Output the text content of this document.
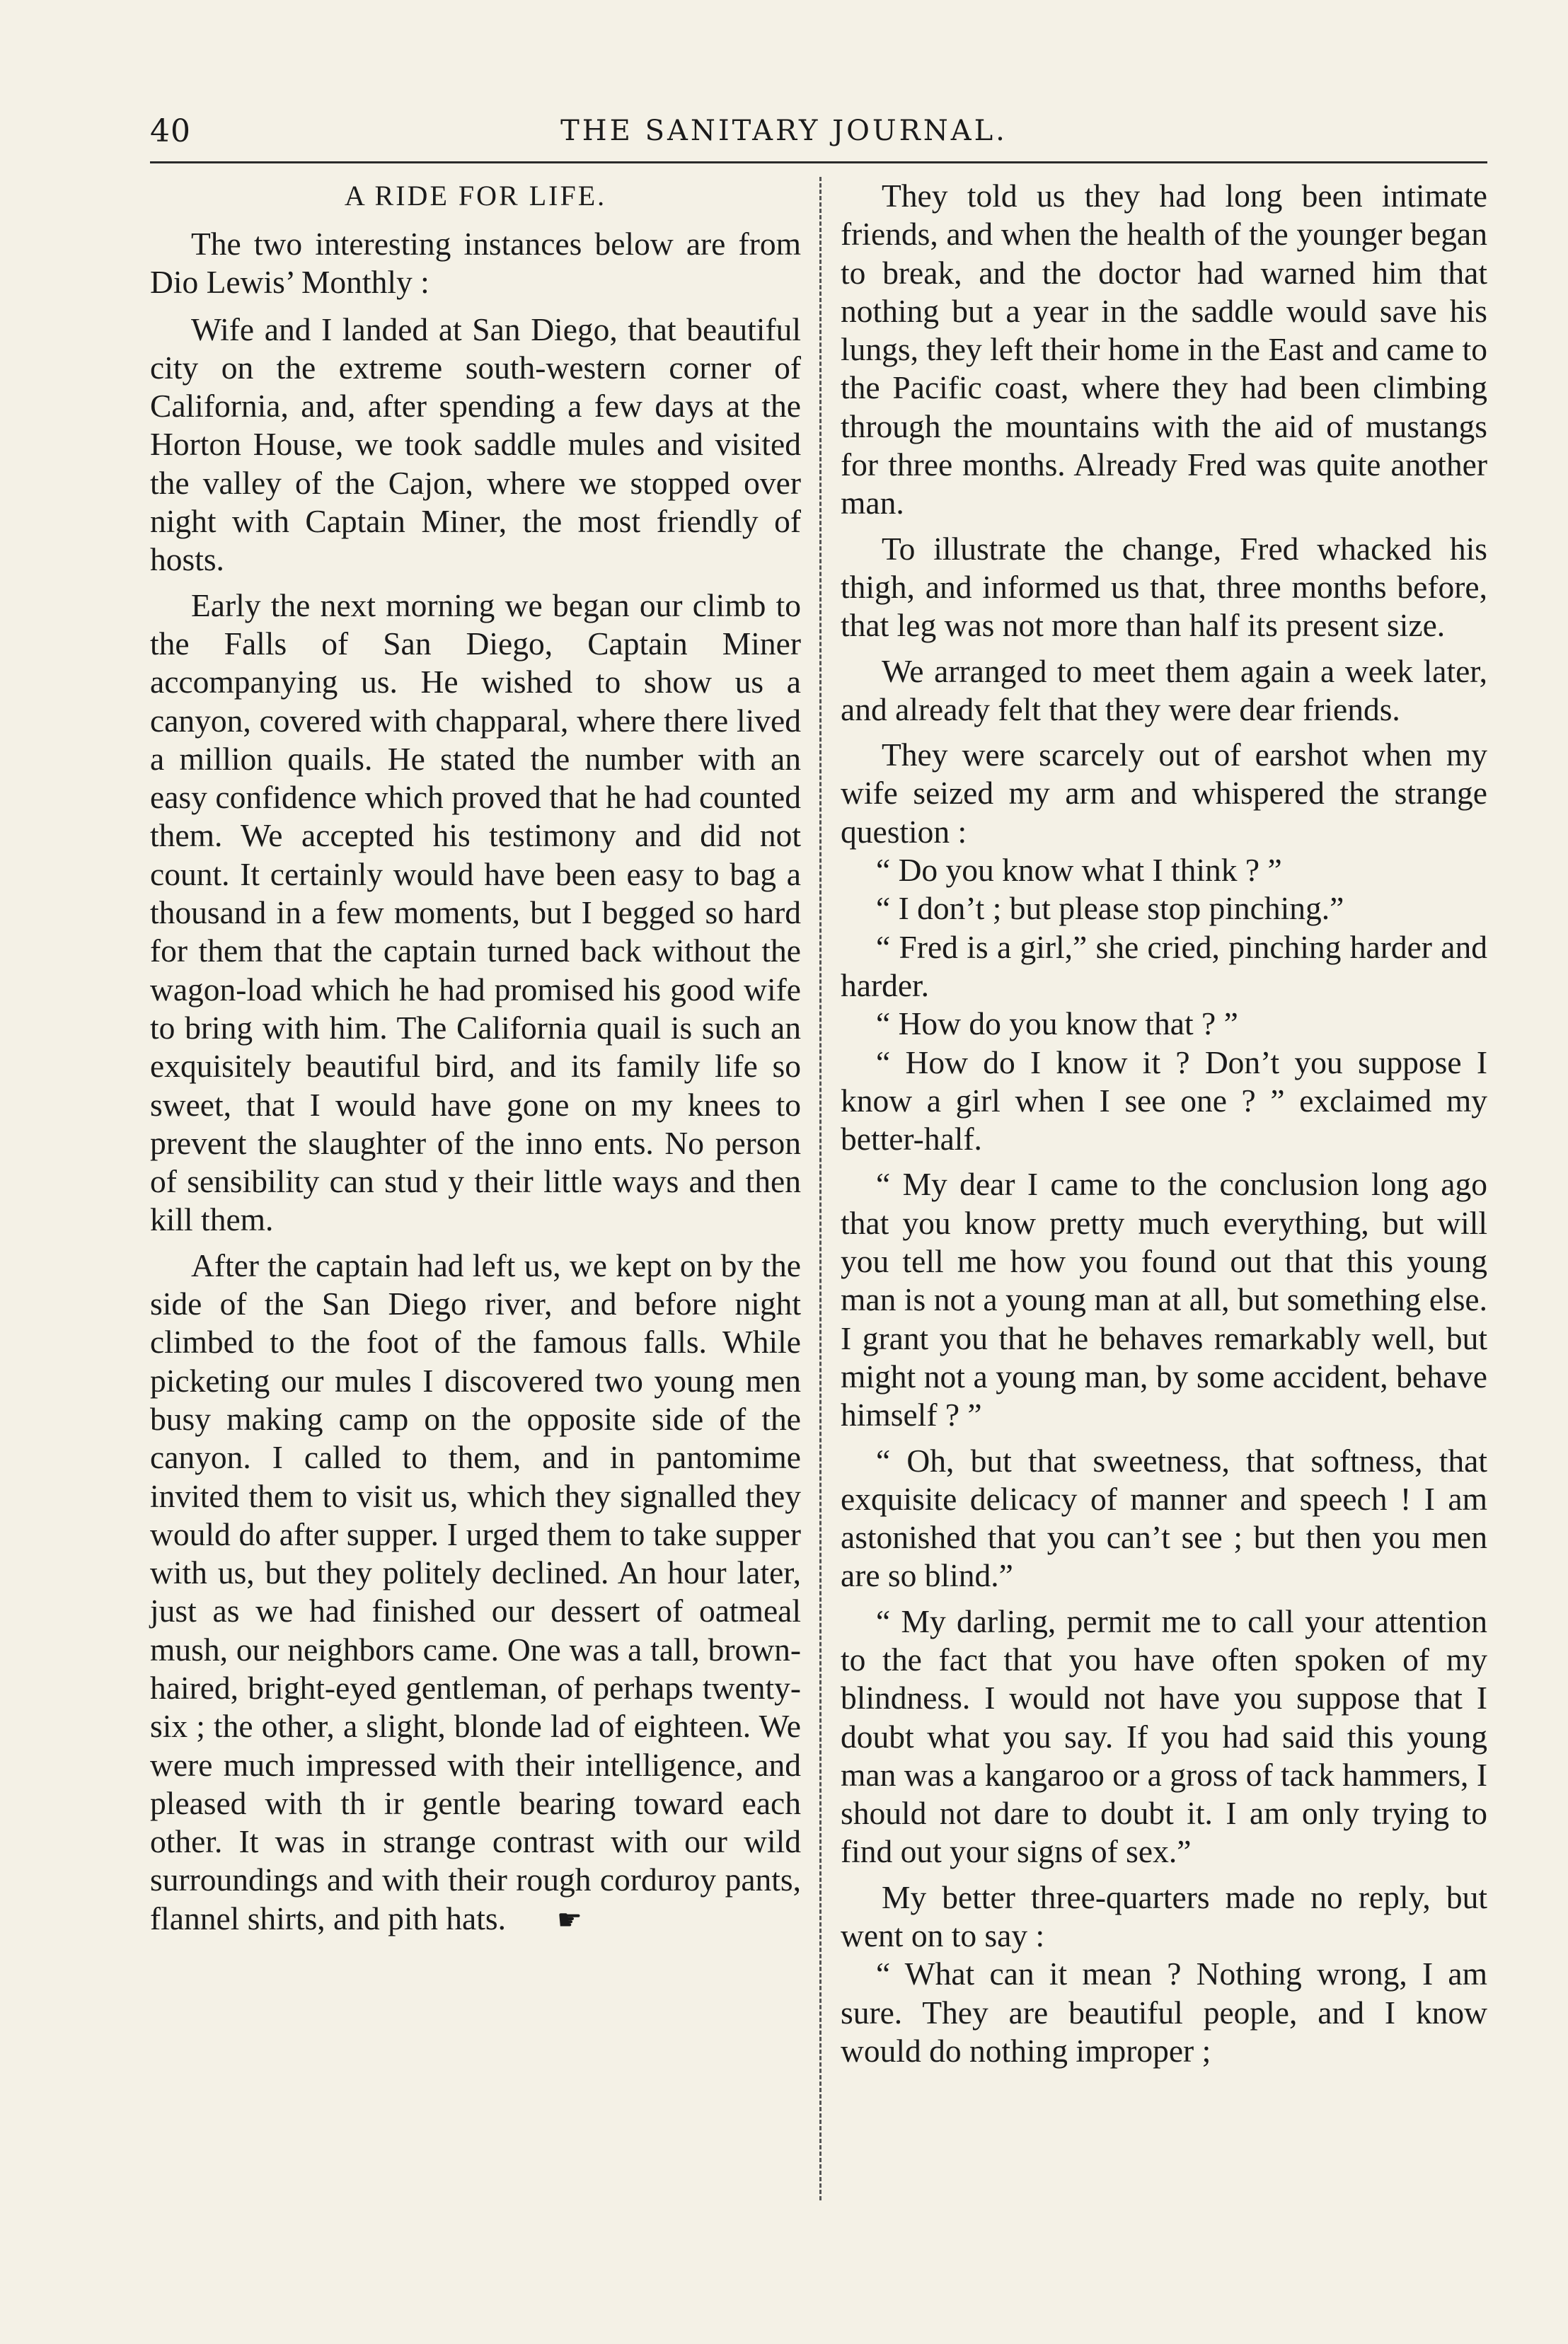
40	THE SANITARY JOURNAL.
A RIDE FOR LIFE.

The two interesting instances below are from Dio Lewis’ Monthly :

Wife and I landed at San Diego, that beautiful city on the extreme south-western corner of California, and, after spending a few days at the Horton House, we took saddle mules and visited the valley of the Cajon, where we stopped over night with Captain Miner, the most friendly of hosts.

Early the next morning we began our climb to the Falls of San Diego, Captain Miner accompanying us. He wished to show us a canyon, covered with chapparal, where there lived a million quails. He stated the number with an easy confidence which proved that he had counted them. We accepted his testimony and did not count. It certainly would have been easy to bag a thousand in a few moments, but I begged so hard for them that the captain turned back without the wagon-load which he had promised his good wife to bring with him. The California quail is such an exquisitely beautiful bird, and its family life so sweet, that I would have gone on my knees to prevent the slaughter of the inno ents. No person of sensibility can stud y their little ways and then kill them.

After the captain had left us, we kept on by the side of the San Diego river, and before night climbed to the foot of the famous falls. While picketing our mules I discovered two young men busy making camp on the opposite side of the canyon. I called to them, and in pantomime invited them to visit us, which they signalled they would do after supper. I urged them to take supper with us, but they politely declined. An hour later, just as we had finished our dessert of oatmeal mush, our neighbors came. One was a tall, brown-haired, bright-eyed gentleman, of perhaps twenty-six ; the other, a slight, blonde lad of eighteen. We were much impressed with their intelligence, and pleased with th ir gentle bearing toward each other. It was in strange contrast with our wild surroundings and with their rough corduroy pants, flannel shirts, and pith hats. ☛

They told us they had long been intimate friends, and when the health of the younger began to break, and the doctor had warned him that nothing but a year in the saddle would save his lungs, they left their home in the East and came to the Pacific coast, where they had been climbing through the mountains with the aid of mustangs for three months. Already Fred was quite another man.

To illustrate the change, Fred whacked his thigh, and informed us that, three months before, that leg was not more than half its present size.

We arranged to meet them again a week later, and already felt that they were dear friends.

They were scarcely out of earshot when my wife seized my arm and whispered the strange question :

“ Do you know what I think ? ”

“ I don’t ; but please stop pinching.”

“ Fred is a girl,” she cried, pinching harder and harder.

“ How do you know that ? ”

“ How do I know it ? Don’t you suppose I know a girl when I see one ? ” exclaimed my better-half.

“ My dear I came to the conclusion long ago that you know pretty much everything, but will you tell me how you found out that this young man is not a young man at all, but something else. I grant you that he behaves remarkably well, but might not a young man, by some accident, behave himself ? ”

“ Oh, but that sweetness, that softness, that exquisite delicacy of manner and speech ! I am astonished that you can’t see ; but then you men are so blind.”

“ My darling, permit me to call your attention to the fact that you have often spoken of my blindness. I would not have you suppose that I doubt what you say. If you had said this young man was a kangaroo or a gross of tack hammers, I should not dare to doubt it. I am only trying to find out your signs of sex.”

My better three-quarters made no reply, but went on to say :

“ What can it mean ? Nothing wrong, I am sure. They are beautiful people, and I know would do nothing improper ;
